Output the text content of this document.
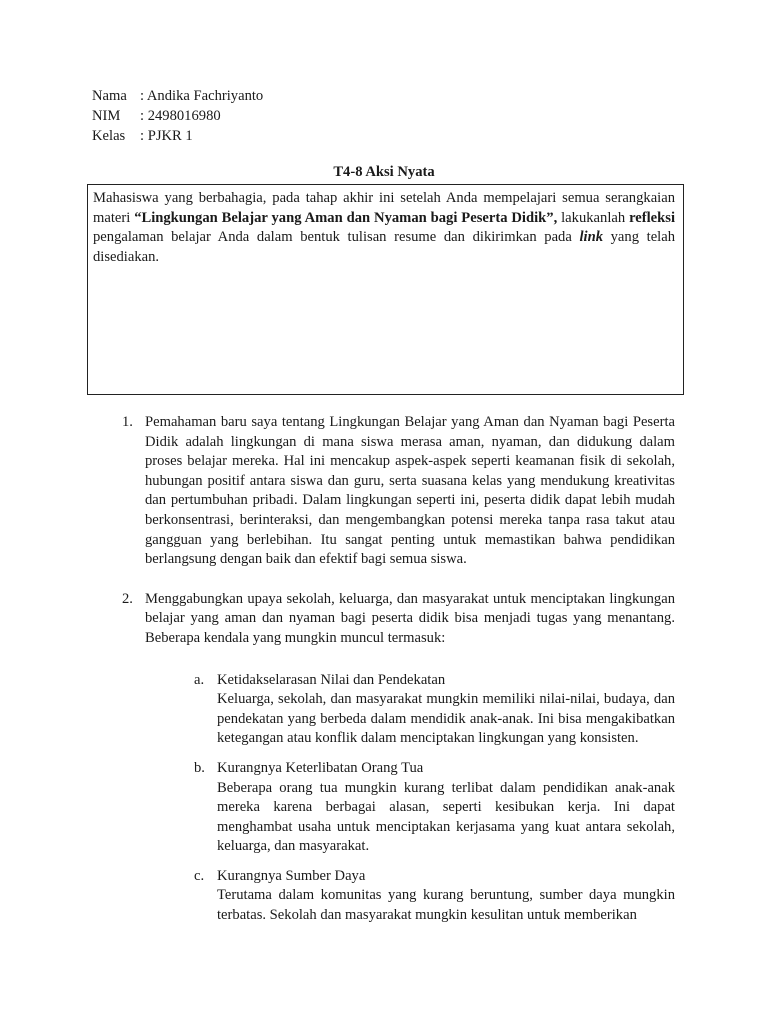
Nama : Andika Fachriyanto
NIM : 2498016980
Kelas : PJKR 1
T4-8 Aksi Nyata
Mahasiswa yang berbahagia, pada tahap akhir ini setelah Anda mempelajari semua serangkaian materi “Lingkungan Belajar yang Aman dan Nyaman bagi Peserta Didik”, lakukanlah refleksi pengalaman belajar Anda dalam bentuk tulisan resume dan dikirimkan pada link yang telah disediakan.
1. Pemahaman baru saya tentang Lingkungan Belajar yang Aman dan Nyaman bagi Peserta Didik adalah lingkungan di mana siswa merasa aman, nyaman, dan didukung dalam proses belajar mereka. Hal ini mencakup aspek-aspek seperti keamanan fisik di sekolah, hubungan positif antara siswa dan guru, serta suasana kelas yang mendukung kreativitas dan pertumbuhan pribadi. Dalam lingkungan seperti ini, peserta didik dapat lebih mudah berkonsentrasi, berinteraksi, dan mengembangkan potensi mereka tanpa rasa takut atau gangguan yang berlebihan. Itu sangat penting untuk memastikan bahwa pendidikan berlangsung dengan baik dan efektif bagi semua siswa.
2. Menggabungkan upaya sekolah, keluarga, dan masyarakat untuk menciptakan lingkungan belajar yang aman dan nyaman bagi peserta didik bisa menjadi tugas yang menantang. Beberapa kendala yang mungkin muncul termasuk:
a. Ketidakselarasan Nilai dan Pendekatan
Keluarga, sekolah, dan masyarakat mungkin memiliki nilai-nilai, budaya, dan pendekatan yang berbeda dalam mendidik anak-anak. Ini bisa mengakibatkan ketegangan atau konflik dalam menciptakan lingkungan yang konsisten.
b. Kurangnya Keterlibatan Orang Tua
Beberapa orang tua mungkin kurang terlibat dalam pendidikan anak-anak mereka karena berbagai alasan, seperti kesibukan kerja. Ini dapat menghambat usaha untuk menciptakan kerjasama yang kuat antara sekolah, keluarga, dan masyarakat.
c. Kurangnya Sumber Daya
Terutama dalam komunitas yang kurang beruntung, sumber daya mungkin terbatas. Sekolah dan masyarakat mungkin kesulitan untuk memberikan
